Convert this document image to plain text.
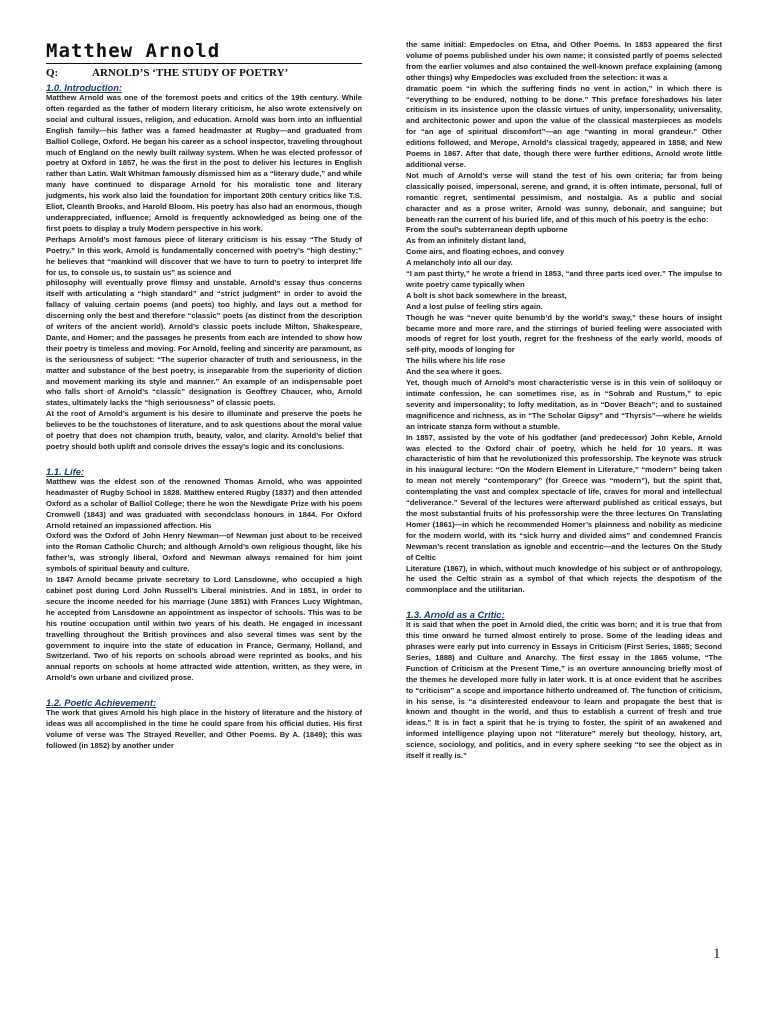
Matthew Arnold
Q:	ARNOLD’S ‘THE STUDY OF POETRY’
1.0. Introduction:

Matthew Arnold was one of the foremost poets and critics of the 19th century. While often regarded as the father of modern literary criticism, he also wrote extensively on social and cultural issues, religion, and education. Arnold was born into an influential English family—his father was a famed headmaster at Rugby—and graduated from Balliol College, Oxford. He began his career as a school inspector, traveling throughout much of England on the newly built railway system. When he was elected professor of poetry at Oxford in 1857, he was the first in the post to deliver his lectures in English rather than Latin. Walt Whitman famously dismissed him as a “literary dude,” and while many have continued to disparage Arnold for his moralistic tone and literary judgments, his work also laid the foundation for important 20th century critics like T.S. Eliot, Cleanth Brooks, and Harold Bloom. His poetry has also had an enormous, though underappreciated, influence; Arnold is frequently acknowledged as being one of the first poets to display a truly Modern perspective in his work.

Perhaps Arnold’s most famous piece of literary criticism is his essay “The Study of Poetry.” In this work, Arnold is fundamentally concerned with poetry’s “high destiny;” he believes that “mankind will discover that we have to turn to poetry to interpret life for us, to console us, to sustain us” as science and

philosophy will eventually prove flimsy and unstable. Arnold’s essay thus concerns itself with articulating a “high standard” and “strict judgment” in order to avoid the fallacy of valuing certain poems (and poets) too highly, and lays out a method for discerning only the best and therefore “classic” poets (as distinct from the description of writers of the ancient world). Arnold’s classic poets include Milton, Shakespeare, Dante, and Homer; and the passages he presents from each are intended to show how their poetry is timeless and moving. For Arnold, feeling and sincerity are paramount, as is the seriousness of subject: “The superior character of truth and seriousness, in the matter and substance of the best poetry, is inseparable from the superiority of diction and movement marking its style and manner.” An example of an indispensable poet who falls short of Arnold’s “classic” designation is Geoffrey Chaucer, who, Arnold states, ultimately lacks the “high seriousness” of classic poets.

At the root of Arnold’s argument is his desire to illuminate and preserve the poets he believes to be the touchstones of literature, and to ask questions about the moral value of poetry that does not champion truth, beauty, valor, and clarity. Arnold’s belief that poetry should both uplift and console drives the essay’s logic and its conclusions.

1.1. Life:

Matthew was the eldest son of the renowned Thomas Arnold, who was appointed headmaster of Rugby School in 1828. Matthew entered Rugby (1837) and then attended Oxford as a scholar of Balliol College; there he won the Newdigate Prize with his poem Cromwell (1843) and was graduated with secondclass honours in 1844. For Oxford Arnold retained an impassioned affection. His

Oxford was the Oxford of John Henry Newman—of Newman just about to be received into the Roman Catholic Church; and although Arnold’s own religious thought, like his father’s, was strongly liberal, Oxford and Newman always remained for him joint symbols of spiritual beauty and culture.

In 1847 Arnold became private secretary to Lord Lansdowne, who occupied a high cabinet post during Lord John Russell’s Liberal ministries. And in 1851, in order to secure the income needed for his marriage (June 1851) with Frances Lucy Wightman, he accepted from Lansdowne an appointment as inspector of schools. This was to be his routine occupation until within two years of his death. He engaged in incessant travelling throughout the British provinces and also several times was sent by the government to inquire into the state of education in France, Germany, Holland, and Switzerland. Two of his reports on schools abroad were reprinted as books, and his annual reports on schools at home attracted wide attention, written, as they were, in Arnold’s own urbane and civilized prose.

1.2. Poetic Achievement:

The work that gives Arnold his high place in the history of literature and the history of ideas was all accomplished in the time he could spare from his official duties. His first volume of verse was The Strayed Reveller, and Other Poems. By A. (1849); this was followed (in 1852) by another under

the same initial: Empedocles on Etna, and Other Poems. In 1853 appeared the first volume of poems published under his own name; it consisted partly of poems selected from the earlier volumes and also contained the well-known preface explaining (among other things) why Empedocles was excluded from the selection: it was a

dramatic poem “in which the suffering finds no vent in action,” in which there is “everything to be endured, nothing to be done.” This preface foreshadows his later criticism in its insistence upon the classic virtues of unity, impersonality, universality, and architectonic power and upon the value of the classical masterpieces as models for “an age of spiritual discomfort”—an age “wanting in moral grandeur.” Other editions followed, and Merope, Arnold’s classical tragedy, appeared in 1858, and New Poems in 1867. After that date, though there were further editions, Arnold wrote little additional verse.

Not much of Arnold’s verse will stand the test of his own criteria; far from being classically poised, impersonal, serene, and grand, it is often intimate, personal, full of romantic regret, sentimental pessimism, and nostalgia. As a public and social character and as a prose writer, Arnold was sunny, debonair, and sanguine; but beneath ran the current of his buried life, and of this much of his poetry is the echo:

From the soul’s subterranean depth upborne

As from an infinitely distant land,

Come airs, and floating echoes, and convey

A melancholy into all our day.

“I am past thirty,” he wrote a friend in 1853, “and three parts iced over.” The impulse to write poetry came typically when

A bolt is shot back somewhere in the breast,

And a lost pulse of feeling stirs again.

Though he was “never quite benumb’d by the world’s sway,” these hours of insight became more and more rare, and the stirrings of buried feeling were associated with moods of regret for lost youth, regret for the freshness of the early world, moods of self-pity, moods of longing for

The hills where his life rose

And the sea where it goes.

Yet, though much of Arnold’s most characteristic verse is in this vein of soliloquy or intimate confession, he can sometimes rise, as in “Sohrab and Rustum,” to epic severity and impersonality; to lofty meditation, as in “Dover Beach”; and to sustained magnificence and richness, as in “The Scholar Gipsy” and “Thyrsis”—where he wields an intricate stanza form without a stumble.

In 1857, assisted by the vote of his godfather (and predecessor) John Keble, Arnold was elected to the Oxford chair of poetry, which he held for 10 years. It was characteristic of him that he revolutionized this professorship. The keynote was struck in his inaugural lecture: “On the Modern Element in Literature,” “modern” being taken to mean not merely “contemporary” (for Greece was “modern”), but the spirit that, contemplating the vast and complex spectacle of life, craves for moral and intellectual “deliverance.” Several of the lectures were afterward published as critical essays, but the most substantial fruits of his professorship were the three lectures On Translating Homer (1861)—in which he recommended Homer’s plainness and nobility as medicine for the modern world, with its “sick hurry and divided aims” and condemned Francis Newman’s recent translation as ignoble and eccentric—and the lectures On the Study of Celtic

Literature (1867), in which, without much knowledge of his subject or of anthropology, he used the Celtic strain as a symbol of that which rejects the despotism of the commonplace and the utilitarian.

1.3. Arnold as a Critic:

It is said that when the poet in Arnold died, the critic was born; and it is true that from this time onward he turned almost entirely to prose. Some of the leading ideas and phrases were early put into currency in Essays in Criticism (First Series, 1865; Second Series, 1888) and Culture and Anarchy. The first essay in the 1865 volume, “The Function of Criticism at the Present Time,” is an overture announcing briefly most of the themes he developed more fully in later work. It is at once evident that he ascribes to “criticism” a scope and importance hitherto undreamed of. The function of criticism, in his sense, is “a disinterested endeavour to learn and propagate the best that is known and thought in the world, and thus to establish a current of fresh and true ideas.” It is in fact a spirit that he is trying to foster, the spirit of an awakened and informed intelligence playing upon not “literature” merely but theology, history, art, science, sociology, and politics, and in every sphere seeking “to see the object as in itself it really is.”

1
